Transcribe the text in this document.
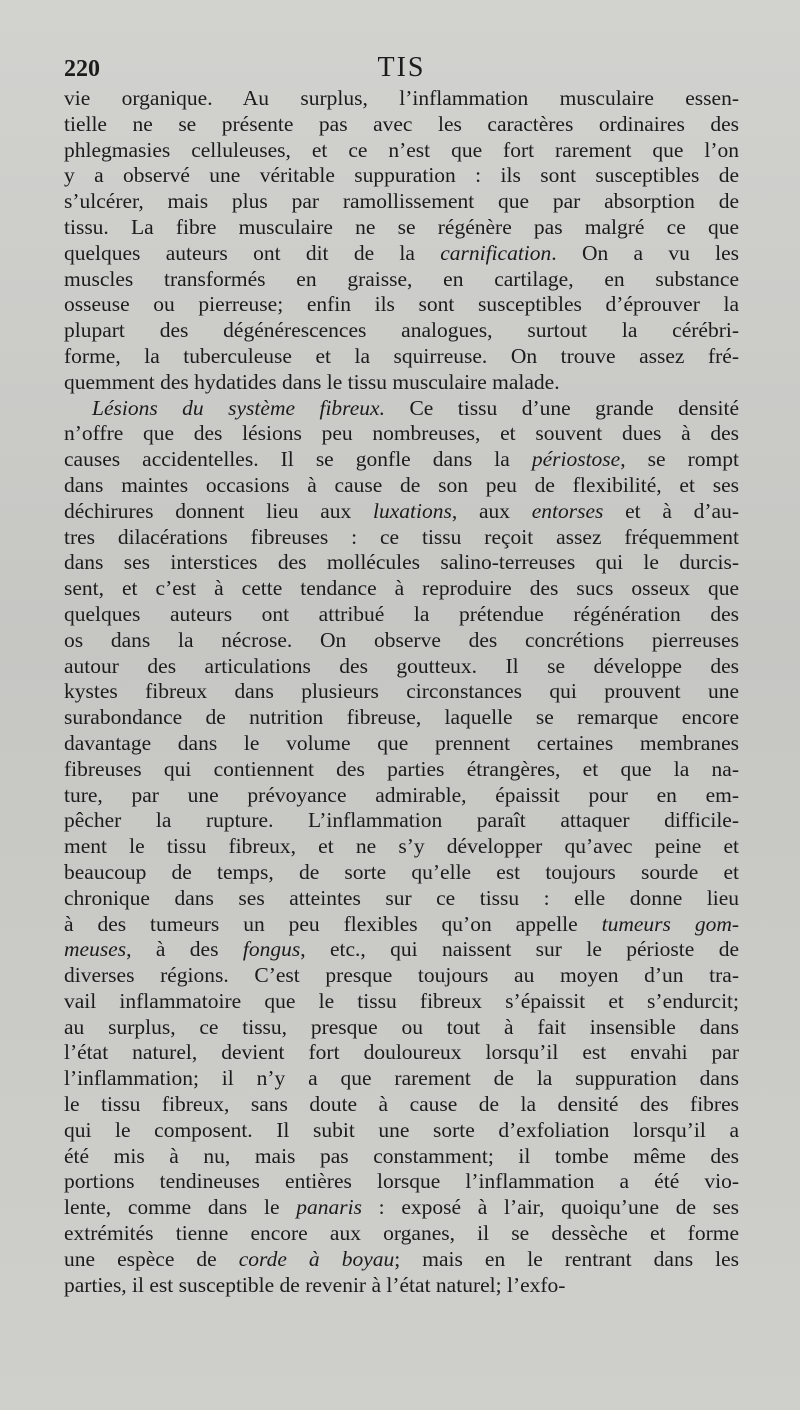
220	TIS
vie organique. Au surplus, l’inflammation musculaire essen-
tielle ne se présente pas avec les caractères ordinaires des
phlegmasies celluleuses, et ce n’est que fort rarement que l’on
y a observé une véritable suppuration : ils sont susceptibles de
s’ulcérer, mais plus par ramollissement que par absorption de
tissu. La fibre musculaire ne se régénère pas malgré ce que
quelques auteurs ont dit de la carnification. On a vu les
muscles transformés en graisse, en cartilage, en substance
osseuse ou pierreuse; enfin ils sont susceptibles d’éprouver la
plupart des dégénérescences analogues, surtout la cérébri-
forme, la tuberculeuse et la squirreuse. On trouve assez fré-
quemment des hydatides dans le tissu musculaire malade.
Lésions du système fibreux. Ce tissu d’une grande densité
n’offre que des lésions peu nombreuses, et souvent dues à des
causes accidentelles. Il se gonfle dans la périostose, se rompt
dans maintes occasions à cause de son peu de flexibilité, et ses
déchirures donnent lieu aux luxations, aux entorses et à d’au-
tres dilacérations fibreuses : ce tissu reçoit assez fréquemment
dans ses interstices des mollécules salino-terreuses qui le durcis-
sent, et c’est à cette tendance à reproduire des sucs osseux que
quelques auteurs ont attribué la prétendue régénération des
os dans la nécrose. On observe des concrétions pierreuses
autour des articulations des goutteux. Il se développe des
kystes fibreux dans plusieurs circonstances qui prouvent une
surabondance de nutrition fibreuse, laquelle se remarque encore
davantage dans le volume que prennent certaines membranes
fibreuses qui contiennent des parties étrangères, et que la na-
ture, par une prévoyance admirable, épaissit pour en em-
pêcher la rupture. L’inflammation paraît attaquer difficile-
ment le tissu fibreux, et ne s’y développer qu’avec peine et
beaucoup de temps, de sorte qu’elle est toujours sourde et
chronique dans ses atteintes sur ce tissu : elle donne lieu
à des tumeurs un peu flexibles qu’on appelle tumeurs gom-
meuses, à des fongus, etc., qui naissent sur le périoste de
diverses régions. C’est presque toujours au moyen d’un tra-
vail inflammatoire que le tissu fibreux s’épaissit et s’endurcit;
au surplus, ce tissu, presque ou tout à fait insensible dans
l’état naturel, devient fort douloureux lorsqu’il est envahi par
l’inflammation; il n’y a que rarement de la suppuration dans
le tissu fibreux, sans doute à cause de la densité des fibres
qui le composent. Il subit une sorte d’exfoliation lorsqu’il a
été mis à nu, mais pas constamment; il tombe même des
portions tendineuses entières lorsque l’inflammation a été vio-
lente, comme dans le panaris : exposé à l’air, quoiqu’une de ses
extrémités tienne encore aux organes, il se dessèche et forme
une espèce de corde à boyau; mais en le rentrant dans les
parties, il est susceptible de revenir à l’état naturel; l’exfo-
